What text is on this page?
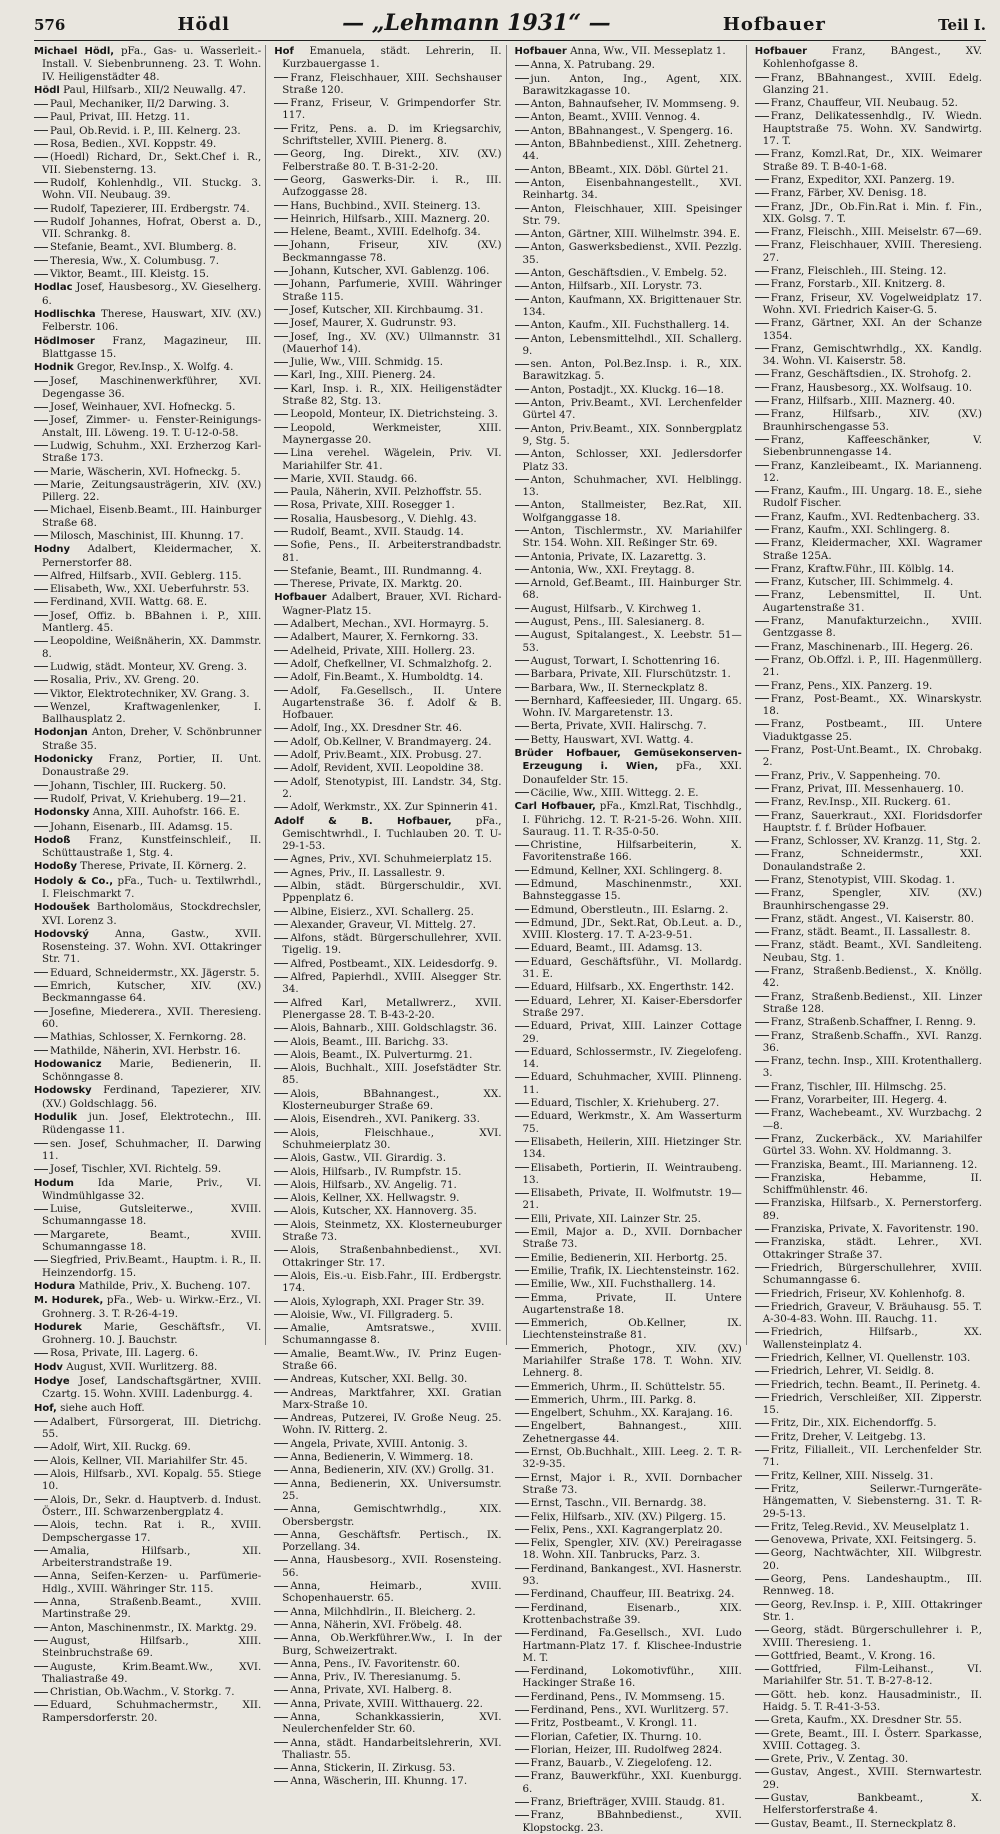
576	Hödl	— „Lehmann 1931“ —	Hofbauer	Teil I.
Michael Hödl, pFa., Gas- u. Wasserleit.-Install. V. Siebenbrunneng. 23. T. Wohn. IV. Heiligenstädter 48.
Hödl Paul, Hilfsarb., XII/2 Neuwallg. 47.
Paul, Mechaniker, II/2 Darwing. 3.
Paul, Privat, III. Hetzg. 11.
Paul, Ob.Revid. i. P., III. Kelnerg. 23.
Rosa, Bedien., XVI. Koppstr. 49.
(Hoedl) Richard, Dr., Sekt.Chef i. R., VII. Siebensterng. 13.
Rudolf, Kohlenhdlg., VII. Stuckg. 3. Wohn. VII. Neubaug. 39.
Rudolf, Tapezierer, III. Erdbergstr. 74.
Rudolf Johannes, Hofrat, Oberst a. D., VII. Schrankg. 8.
Stefanie, Beamt., XVI. Blumberg. 8.
Theresia, Ww., X. Columbusg. 7.
Viktor, Beamt., III. Kleistg. 15.
Hodlac Josef, Hausbesorg., XV. Gieselherg. 6.
Hodlischka Therese, Hauswart, XIV. (XV.) Felberstr. 106.
Hödlmoser Franz, Magazineur, III. Blattgasse 15.
Hodnik Gregor, Rev.Insp., X. Wolfg. 4.
Josef, Maschinenwerkführer, XVI. Degengasse 36.
Josef, Weinhauer, XVI. Hofneckg. 5.
Josef, Zimmer- u. Fenster-Reinigungs-Anstalt, III. Löweng. 19. T. U-12-0-58.
Ludwig, Schuhm., XXI. Erzherzog Karl-Straße 173.
Marie, Wäscherin, XVI. Hofneckg. 5.
Marie, Zeitungsausträgerin, XIV. (XV.) Pillerg. 22.
Michael, Eisenb.Beamt., III. Hainburger Straße 68.
Milosch, Maschinist, III. Khunng. 17.
Hodny Adalbert, Kleidermacher, X. Pernerstorfer 88.
Alfred, Hilfsarb., XVII. Geblerg. 115.
Elisabeth, Ww., XXI. Ueberfuhrstr. 53.
Ferdinand, XVII. Wattg. 68. E.
Josef, Offiz. b. BBahnen i. P., XIII. Mantlerg. 45.
Leopoldine, Weißnäherin, XX. Dammstr. 8.
Ludwig, städt. Monteur, XV. Greng. 3.
Rosalia, Priv., XV. Greng. 20.
Viktor, Elektrotechniker, XV. Grang. 3.
Wenzel, Kraftwagenlenker, I. Ballhausplatz 2.
Hodonjan Anton, Dreher, V. Schönbrunner Straße 35.
Hodonicky Franz, Portier, II. Unt. Donaustraße 29.
Johann, Tischler, III. Ruckerg. 50.
Rudolf, Privat, V. Kriehuberg. 19—21.
Hodonsky Anna, XIII. Auhofstr. 166. E.
Johann, Eisenarb., III. Adamsg. 15.
Hodoß Franz, Kunstfeinschleif., II. Schüttaustraße 1, Stg. 4.
Hodoßy Therese, Private, II. Körnerg. 2.
Hodoly & Co., pFa., Tuch- u. Textilwrhdl., I. Fleischmarkt 7.
Hodoušek Bartholomäus, Stockdrechsler, XVI. Lorenz 3.
Hodovský	Anna, Gastw., XVII. Rosensteing. 37. Wohn. XVI. Ottakringer Str. 71.
Eduard, Schneidermstr., XX. Jägerstr. 5.
Emrich, Kutscher, XIV. (XV.) Beckmanngasse 64.
Josefine, Miederera., XVII. Theresieng. 60.
Mathias, Schlosser, X. Fernkorng. 28.
Mathilde, Näherin, XVI. Herbstr. 16.
Hodowanicz Marie, Bedienerin, II. Schönngasse 8.
Hodowsky Ferdinand, Tapezierer, XIV. (XV.) Goldschlagg. 56.
Hodulik jun. Josef, Elektrotechn., III. Rüdengasse 11.
sen. Josef, Schuhmacher, II. Darwing 11.
Josef, Tischler, XVI. Richtelg. 59.
Hodum Ida Marie, Priv., VI. Windmühlgasse 32.
Luise, Gutsleiterwe., XVIII. Schumanngasse 18.
Margarete, Beamt., XVIII. Schumanngasse 18.
Siegfried, Priv.Beamt., Hauptm. i. R., II. Heinzendorfg. 15.
Hodura Mathilde, Priv., X. Bucheng. 107.
M. Hodurek, pFa., Web- u. Wirkw.-Erz., VI. Grohnerg. 3. T. R-26-4-19.
Hodurek Marie, Geschäftsfr., VI. Grohnerg. 10. J. Bauchstr.
Rosa, Private, III. Lagerg. 6.
Hodv August, XVII. Wurlitzerg. 88.
Hodye Josef, Landschaftsgärtner, XVIII. Czartg. 15. Wohn. XVIII. Ladenburgg. 4.
Hof, siehe auch Hoff.
Adalbert, Fürsorgerat, III. Dietrichg. 55.
Adolf, Wirt, XII. Ruckg. 69.
Alois, Kellner, VII. Mariahilfer Str. 45.
Alois, Hilfsarb., XVI. Kopalg. 55. Stiege 10.
Alois, Dr., Sekr. d. Hauptverb. d. Indust. Österr., III. Schwarzenbergplatz 4.
Alois, techn. Rat i. R., XVIII. Dempschergasse 17.
Amalia, Hilfsarb., XII. Arbeiterstrandstraße 19.
Anna, Seifen-Kerzen- u. Parfümerie-Hdlg., XVIII. Währinger Str. 115.
Anna, Straßenb.Beamt., XVIII. Martinstraße 29.
Anton, Maschinenmstr., IX. Marktg. 29.
August, Hilfsarb., XIII. Steinbruchstraße 69.
Auguste, Krim.Beamt.Ww., XVI. Thaliastraße 49.
Christian, Ob.Wachm., V. Storkg. 7.
Eduard, Schuhmachermstr., XII. Rampersdorferstr. 20.
Hof Emanuela, städt. Lehrerin, II. Kurzbauergasse 1.
Franz, Fleischhauer, XIII. Sechshauser Straße 120.
Franz, Friseur, V. Grimpendorfer Str. 117.
Fritz, Pens. a. D. im Kriegsarchiv, Schriftsteller, XVIII. Pienerg. 8.
Georg, Ing. Direkt., XIV. (XV.) Felberstraße 80. T. B-31-2-20.
Georg, Gaswerks-Dir. i. R., III. Aufzoggasse 28.
Hans, Buchbind., XVII. Steinerg. 13.
Heinrich, Hilfsarb., XIII. Maznerg. 20.
Helene, Beamt., XVIII. Edelhofg. 34.
Johann, Friseur, XIV. (XV.) Beckmanngasse 78.
Johann, Kutscher, XVI. Gablenzg. 106.
Johann, Parfumerie, XVIII. Währinger Straße 115.
Josef, Kutscher, XII. Kirchbaumg. 31.
Josef, Maurer, X. Gudrunstr. 93.
Josef, Ing., XV. (XV.) Ullmannstr. 31 (Mauerhof 14).
Julie, Ww., VIII. Schmidg. 15.
Karl, Ing., XIII. Pienerg. 24.
Karl, Insp. i. R., XIX. Heiligenstädter Straße 82, Stg. 13.
Leopold, Monteur, IX. Dietrichsteing. 3.
Leopold, Werkmeister, XIII. Maynergasse 20.
Lina verehel. Wägelein, Priv. VI. Mariahilfer Str. 41.
Marie, XVII. Staudg. 66.
Paula, Näherin, XVII. Pelzhoffstr. 55.
Rosa, Private, XIII. Rosegger 1.
Rosalia, Hausbesorg., V. Diehlg. 43.
Rudolf, Beamt., XVII. Staudg. 14.
Sofie, Pens., II. Arbeiterstrandbadstr. 81.
Stefanie, Beamt., III. Rundmanng. 4.
Therese, Private, IX. Marktg. 20.
Hofbauer Adalbert, Brauer, XVI. Richard-Wagner-Platz 15.
Adalbert, Mechan., XVI. Hormayrg. 5.
Adalbert, Maurer, X. Fernkorng. 33.
Adelheid, Private, XIII. Hollerg. 23.
Adolf, Chefkellner, VI. Schmalzhofg. 2.
Adolf, Fin.Beamt., X. Humboldtg. 14.
Adolf, Fa.Gesellsch., II. Untere Augartenstraße 36. f. Adolf & B. Hofbauer.
Adolf, Ing., XX. Dresdner Str. 46.
Adolf, Ob.Kellner, V. Brandmayerg. 24.
Adolf, Priv.Beamt., XIX. Probusg. 27.
Adolf, Revident, XVII. Leopoldine 38.
Adolf, Stenotypist, III. Landstr. 34, Stg. 2.
Adolf, Werkmstr., XX. Zur Spinnerin 41.
Adolf & B. Hofbauer, pFa., Gemischtwrhdl., I. Tuchlauben 20. T. U-29-1-53.
Agnes, Priv., XVI. Schuhmeierplatz 15.
Agnes, Priv., II. Lassallestr. 9.
Albin, städt. Bürgerschuldir., XVI. Pppenplatz 6.
Albine, Eisierz., XVI. Schallerg. 25.
Alexander, Graveur, VI. Mittelg. 27.
Alfons, städt. Bürgerschullehrer, XVII. Tigelig. 19.
Alfred, Postbeamt., XIX. Leidesdorfg. 9.
Alfred, Papierhdl., XVIII. Alsegger Str. 34.
Alfred Karl, Metallwrerz., XVII. Plenergasse 28. T. B-43-2-20.
Alois, Bahnarb., XIII. Goldschlagstr. 36.
Alois, Beamt., III. Barichg. 33.
Alois, Beamt., IX. Pulverturmg. 21.
Alois, Buchhalt., XIII. Josefstädter Str. 85.
Alois, BBahnangest., XX. Klosterneuburger Straße 69.
Alois, Eisendreh., XVI. Panikerg. 33.
Alois, Fleischhaue., XVI. Schuhmeierplatz 30.
Alois, Gastw., VII. Girardig. 3.
Alois, Hilfsarb., IV. Rumpfstr. 15.
Alois, Hilfsarb., XV. Angelig. 71.
Alois, Kellner, XX. Hellwagstr. 9.
Alois, Kutscher, XX. Hannoverg. 35.
Alois, Steinmetz, XX. Klosterneuburger Straße 73.
Alois, Straßenbahnbedienst., XVI. Ottakringer Str. 17.
Alois, Eis.-u. Eisb.Fahr., III. Erdbergstr. 174.
Alois, Xylograph, XXI. Prager Str. 39.
Aloisie, Ww., VI. Fillgraderg. 5.
Amalie, Amtsratswe., XVIII. Schumanngasse 8.
Amalie, Beamt.Ww., IV. Prinz Eugen-Straße 66.
Andreas, Kutscher, XXI. Bellg. 30.
Andreas, Marktfahrer, XXI. Gratian Marx-Straße 10.
Andreas, Putzerei, IV. Große Neug. 25. Wohn. IV. Ritterg. 2.
Angela, Private, XVIII. Antonig. 3.
Anna, Bedienerin, V. Wimmerg. 18.
Anna, Bedienerin, XIV. (XV.) Grollg. 31.
Anna, Bedienerin, XX. Universumstr. 25.
Anna, Gemischtwrhdlg., XIX. Obersbergstr.
Anna, Geschäftsfr. Pertisch., IX. Porzellang. 34.
Anna, Hausbesorg., XVII. Rosensteing. 56.
Anna, Heimarb., XVIII. Schopenhauerstr. 65.
Anna, Milchhdlrin., II. Bleicherg. 2.
Anna, Näherin, XVI. Fröbelg. 48.
Anna, Ob.Werkführer.Ww., I. In der Burg, Schweizertrakt.
Anna, Pens., IV. Favoritenstr. 60.
Anna, Priv., IV. Theresianumg. 5.
Anna, Private, XVI. Halberg. 8.
Anna, Private, XVIII. Witthauerg. 22.
Anna, Schankkassierin, XVI. Neulerchenfelder Str. 60.
Anna, städt. Handarbeitslehrerin, XVI. Thaliastr. 55.
Anna, Stickerin, II. Zirkusg. 53.
Anna, Wäscherin, III. Khunng. 17.
Hofbauer Anna, Ww., VII. Messeplatz 1.
Anna, X. Patrubang. 29.
jun. Anton, Ing., Agent, XIX. Barawitzkagasse 10.
Anton, Bahnaufseher, IV. Mommseng. 9.
Anton, Beamt., XVIII. Vennog. 4.
Anton, BBahnangest., V. Spengerg. 16.
Anton, BBahnbedienst., XIII. Zehetnerg. 44.
Anton, BBeamt., XIX. Döbl. Gürtel 21.
Anton, Eisenbahnangestellt., XVI. Reinhartg. 34.
Anton, Fleischhauer, XIII. Speisinger Str. 79.
Anton, Gärtner, XIII. Wilhelmstr. 394. E.
Anton, Gaswerksbedienst., XVII. Pezzlg. 35.
Anton, Geschäftsdien., V. Embelg. 52.
Anton, Hilfsarb., XII. Lorystr. 73.
Anton, Kaufmann, XX. Brigittenauer Str. 134.
Anton, Kaufm., XII. Fuchsthallerg. 14.
Anton, Lebensmittelhdl., XII. Schallerg. 9.
sen. Anton, Pol.Bez.Insp. i. R., XIX. Barawitzkag. 5.
Anton, Postadjt., XX. Kluckg. 16—18.
Anton, Priv.Beamt., XVI. Lerchenfelder Gürtel 47.
Anton, Priv.Beamt., XIX. Sonnbergplatz 9, Stg. 5.
Anton, Schlosser, XXI. Jedlersdorfer Platz 33.
Anton, Schuhmacher, XVI. Helblingg. 13.
Anton, Stallmeister, Bez.Rat, XII. Wolfganggasse 18.
Anton, Tischlermstr., XV. Mariahilfer Str. 154. Wohn. XII. Reßinger Str. 69.
Antonia, Private, IX. Lazarettg. 3.
Antonia, Ww., XXI. Freytagg. 8.
Arnold, Gef.Beamt., III. Hainburger Str. 68.
August, Hilfsarb., V. Kirchweg 1.
August, Pens., III. Salesianerg. 8.
August, Spitalangest., X. Leebstr. 51—53.
August, Torwart, I. Schottenring 16.
Barbara, Private, XII. Flurschützstr. 1.
Barbara, Ww., II. Sterneckplatz 8.
Bernhard, Kaffeesieder, III. Ungarg. 65. Wohn. IV. Margaretenstr. 13.
Berta, Private, XVII. Halirschg. 7.
Betty, Hauswart, XVI. Wattg. 4.
Brüder Hofbauer, Gemüsekonserven-Erzeugung i. Wien, pFa., XXI. Donaufelder Str. 15.
Cäcilie, Ww., XIII. Wittegg. 2. E.
Carl Hofbauer, pFa., Kmzl.Rat, Tischhdlg., I. Führichg. 12. T. R-21-5-26. Wohn. XIII. Sauraug. 11. T. R-35-0-50.
Christine, Hilfsarbeiterin, X. Favoritenstraße 166.
Edmund, Kellner, XXI. Schlingerg. 8.
Edmund, Maschinenmstr., XXI. Bahnsteggasse 15.
Edmund, Oberstleutn., III. Eslarng. 2.
Edmund, JDr., Sekt.Rat, Ob.Leut. a. D., XVIII. Klosterg. 17. T. A-23-9-51.
Eduard, Beamt., III. Adamsg. 13.
Eduard, Geschäftsführ., VI. Mollardg. 31. E.
Eduard, Hilfsarb., XX. Engerthstr. 142.
Eduard, Lehrer, XI. Kaiser-Ebersdorfer Straße 297.
Eduard, Privat, XIII. Lainzer Cottage 29.
Eduard, Schlossermstr., IV. Ziegelofeng. 14.
Eduard, Schuhmacher, XVIII. Plinneng. 11.
Eduard, Tischler, X. Kriehuberg. 27.
Eduard, Werkmstr., X. Am Wasserturm 75.
Elisabeth, Heilerin, XIII. Hietzinger Str. 134.
Elisabeth, Portierin, II. Weintraubeng. 13.
Elisabeth, Private, II. Wolfmutstr. 19—21.
Elli, Private, XII. Lainzer Str. 25.
Emil, Major a. D., XVII. Dornbacher Straße 73.
Emilie, Bedienerin, XII. Herbortg. 25.
Emilie, Trafik, IX. Liechtensteinstr. 162.
Emilie, Ww., XII. Fuchsthallerg. 14.
Emma, Private, II. Untere Augartenstraße 18.
Emmerich, Ob.Kellner, IX. Liechtensteinstraße 81.
Emmerich, Photogr., XIV. (XV.) Mariahilfer Straße 178. T. Wohn. XIV. Lehnerg. 8.
Emmerich, Uhrm., II. Schüttelstr. 55.
Emmerich, Uhrm., III. Parkg. 8.
Engelbert, Schuhm., XX. Karajang. 16.
Engelbert, Bahnangest., XIII. Zehetnergasse 44.
Ernst, Ob.Buchhalt., XIII. Leeg. 2. T. R-32-9-35.
Ernst, Major i. R., XVII. Dornbacher Straße 73.
Ernst, Taschn., VII. Bernardg. 38.
Felix, Hilfsarb., XIV. (XV.) Pilgerg. 15.
Felix, Pens., XXI. Kagrangerplatz 20.
Felix, Spengler, XIV. (XV.) Pereiragasse 18. Wohn. XII. Tanbrucks, Parz. 3.
Ferdinand, Bankangest., XVI. Hasnerstr. 93.
Ferdinand, Chauffeur, III. Beatrixg. 24.
Ferdinand, Eisenarb., XIX. Krottenbachstraße 39.
Ferdinand, Fa.Gesellsch., XVI. Ludo Hartmann-Platz 17. f. Klischee-Industrie M. T.
Ferdinand, Lokomotivführ., XIII. Hackinger Straße 16.
Ferdinand, Pens., IV. Mommseng. 15.
Ferdinand, Pens., XVI. Wurlitzerg. 57.
Fritz, Postbeamt., V. Krongl. 11.
Florian, Cafetier, IX. Thurng. 10.
Florian, Heizer, III. Rudolfweg 2824.
Franz, Bauarb., V. Ziegelofeng. 12.
Franz, Bauwerkführ., XXI. Kuenburgg. 6.
Franz, Briefträger, XVIII. Staudg. 81.
Franz, BBahnbedienst., XVII. Klopstockg. 23.
Hofbauer Franz, BAngest., XV. Kohlenhofgasse 8.
Franz, BBahnangest., XVIII. Edelg. Glanzing 21.
Franz, Chauffeur, VII. Neubaug. 52.
Franz, Delikatessenhdlg., IV. Wiedn. Hauptstraße 75. Wohn. XV. Sandwirtg. 17. T.
Franz, Komzl.Rat, Dr., XIX. Weimarer Straße 89. T. B-40-1-68.
Franz, Expeditor, XXI. Panzerg. 19.
Franz, Färber, XV. Denisg. 18.
Franz, JDr., Ob.Fin.Rat i. Min. f. Fin., XIX. Golsg. 7. T.
Franz, Fleischh., XIII. Meiselstr. 67—69.
Franz, Fleischhauer, XVIII. Theresieng. 27.
Franz, Fleischleh., III. Steing. 12.
Franz, Forstarb., XII. Knitzerg. 8.
Franz, Friseur, XV. Vogelweidplatz 17. Wohn. XVI. Friedrich Kaiser-G. 5.
Franz, Gärtner, XXI. An der Schanze 1354.
Franz, Gemischtwrhdlg., XX. Kandlg. 34. Wohn. VI. Kaiserstr. 58.
Franz, Geschäftsdien., IX. Strohofg. 2.
Franz, Hausbesorg., XX. Wolfsaug. 10.
Franz, Hilfsarb., XIII. Maznerg. 40.
Franz, Hilfsarb., XIV. (XV.) Braunhirschengasse 53.
Franz, Kaffeeschänker, V. Siebenbrunnengasse 14.
Franz, Kanzleibeamt., IX. Marianneng. 12.
Franz, Kaufm., III. Ungarg. 18. E., siehe Rudolf Fischer.
Franz, Kaufm., XVI. Redtenbacherg. 33.
Franz, Kaufm., XXI. Schlingerg. 8.
Franz, Kleidermacher, XXI. Wagramer Straße 125A.
Franz, Kraftw.Führ., III. Kölblg. 14.
Franz, Kutscher, III. Schimmelg. 4.
Franz, Lebensmittel, II. Unt. Augartenstraße 31.
Franz, Manufakturzeichn., XVIII. Gentzgasse 8.
Franz, Maschinenarb., III. Hegerg. 26.
Franz, Ob.Offzl. i. P., III. Hagenmüllerg. 21.
Franz, Pens., XIX. Panzerg. 19.
Franz, Post-Beamt., XX. Winarskystr. 18.
Franz, Postbeamt., III. Untere Viaduktgasse 25.
Franz, Post-Unt.Beamt., IX. Chrobakg. 2.
Franz, Priv., V. Sappenheing. 70.
Franz, Privat, III. Messenhauerg. 10.
Franz, Rev.Insp., XII. Ruckerg. 61.
Franz, Sauerkraut., XXI. Floridsdorfer Hauptstr. f. f. Brüder Hofbauer.
Franz, Schlosser, XV. Kranzg. 11, Stg. 2.
Franz, Schneidermstr., XXI. Donaulandstraße 2.
Franz, Stenotypist, VIII. Skodag. 1.
Franz, Spengler, XIV. (XV.) Braunhirschengasse 29.
Franz, städt. Angest., VI. Kaiserstr. 80.
Franz, städt. Beamt., II. Lassallestr. 8.
Franz, städt. Beamt., XVI. Sandleiteng. Neubau, Stg. 1.
Franz, Straßenb.Bedienst., X. Knöllg. 42.
Franz, Straßenb.Bedienst., XII. Linzer Straße 128.
Franz, Straßenb.Schaffner, I. Renng. 9.
Franz, Straßenb.Schaffn., XVI. Ranzg. 36.
Franz, techn. Insp., XIII. Krotenthallerg. 3.
Franz, Tischler, III. Hilmschg. 25.
Franz, Vorarbeiter, III. Hegerg. 4.
Franz, Wachebeamt., XV. Wurzbachg. 2—8.
Franz, Zuckerbäck., XV. Mariahilfer Gürtel 33. Wohn. XV. Holdmanng. 3.
Franziska, Beamt., III. Marianneng. 12.
Franziska, Hebamme, II. Schiffmühlenstr. 46.
Franziska, Hilfsarb., X. Pernerstorferg. 89.
Franziska, Private, X. Favoritenstr. 190.
Franziska, städt. Lehrer., XVI. Ottakringer Straße 37.
Friedrich, Bürgerschullehrer, XVIII. Schumanngasse 6.
Friedrich, Friseur, XV. Kohlenhofg. 8.
Friedrich, Graveur, V. Bräuhausg. 55. T. A-30-4-83. Wohn. III. Rauchg. 11.
Friedrich, Hilfsarb., XX. Wallensteinplatz 4.
Friedrich, Kellner, VI. Quellenstr. 103.
Friedrich, Lehrer, VI. Seidlg. 8.
Friedrich, techn. Beamt., II. Perinetg. 4.
Friedrich, Verschleißer, XII. Zipperstr. 15.
Fritz, Dir., XIX. Eichendorffg. 5.
Fritz, Dreher, V. Leitgebg. 13.
Fritz, Filialleit., VII. Lerchenfelder Str. 71.
Fritz, Kellner, XIII. Nisselg. 31.
Fritz, Seilerwr.-Turngeräte-Hängematten, V. Siebensterng. 31. T. R-29-5-13.
Fritz, Teleg.Revid., XV. Meuselplatz 1.
Genovewa, Private, XXI. Feitsingerg. 5.
Georg, Nachtwächter, XII. Wilbgrestr. 20.
Georg, Pens. Landeshauptm., III. Rennweg. 18.
Georg, Rev.Insp. i. P., XIII. Ottakringer Str. 1.
Georg, städt. Bürgerschullehrer i. P., XVIII. Theresieng. 1.
Gottfried, Beamt., V. Krong. 16.
Gottfried, Film-Leihanst., VI. Mariahilfer Str. 51. T. B-27-8-12.
Gött. heb. konz. Hausadministr., II. Haidg. 5. T. R-41-3-53.
Greta, Kaufm., XX. Dresdner Str. 55.
Grete, Beamt., III. I. Österr. Sparkasse, XVIII. Cottageg. 3.
Grete, Priv., V. Zentag. 30.
Gustav, Angest., XVIII. Sternwartestr. 29.
Gustav, Bankbeamt., X. Helferstorferstraße 4.
Gustav, Beamt., II. Sterneckplatz 8.
